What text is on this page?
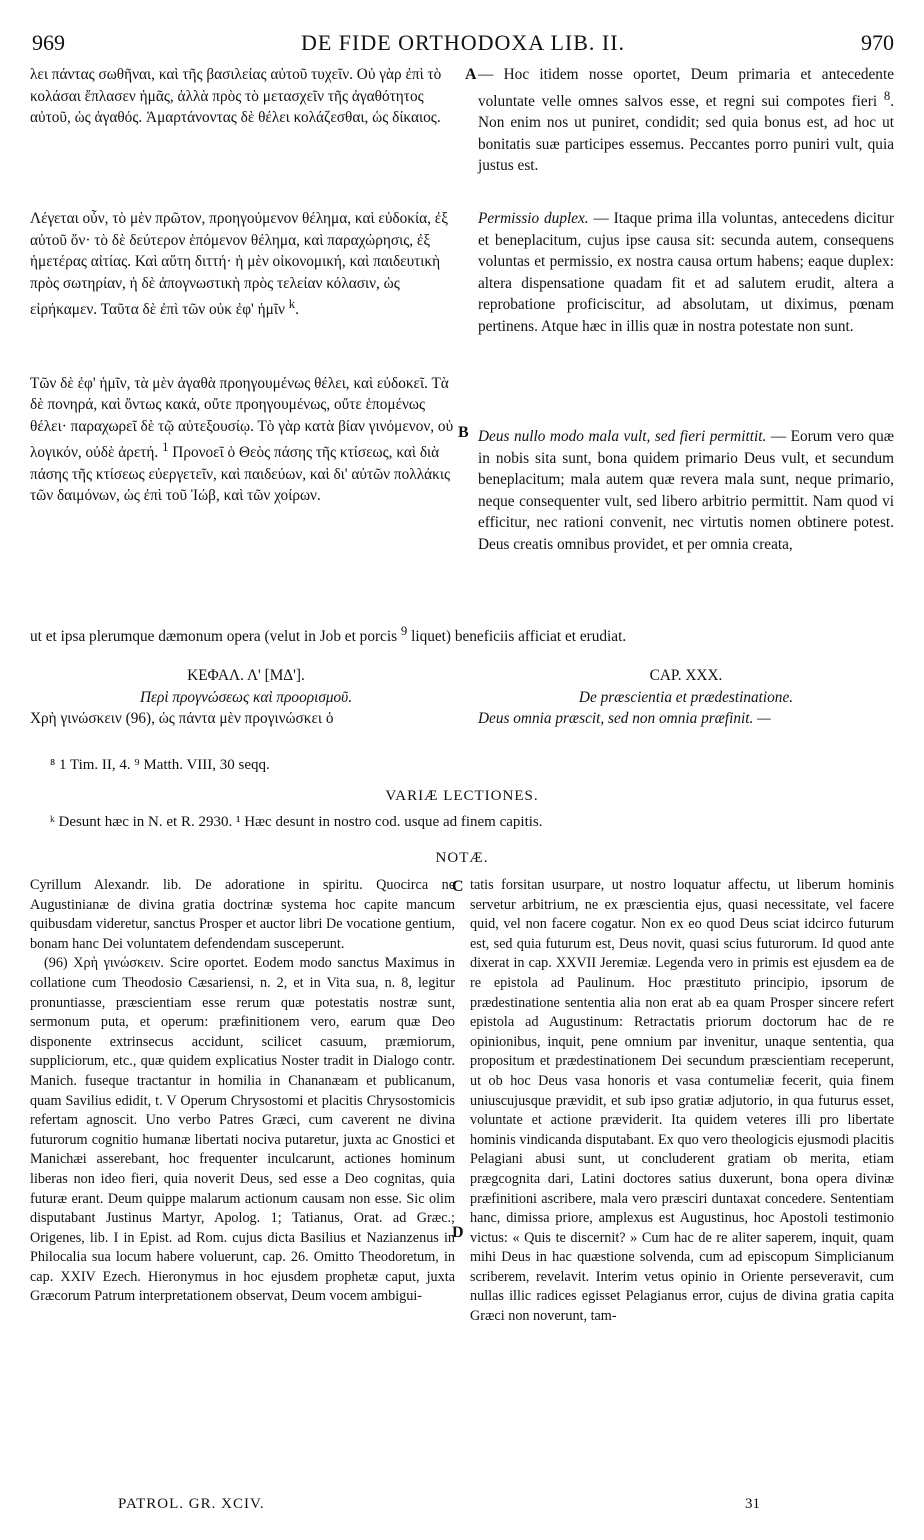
969	DE FIDE ORTHODOXA LIB. II.	970

λει πάντας σωθῆναι, καὶ τῆς βασιλείας αὐτοῦ τυχεῖν. Οὐ γὰρ ἐπὶ τὸ κολάσαι ἔπλασεν ἡμᾶς, ἀλλὰ πρὸς τὸ μετασχεῖν τῆς ἀγαθότητος αὐτοῦ, ὡς ἀγαθός. Ἁμαρτάνοντας δὲ θέλει κολάζεσθαι, ὡς δίκαιος.

Λέγεται οὖν, τὸ μὲν πρῶτον, προηγούμενον θέλημα, καὶ εὐδοκία, ἐξ αὐτοῦ ὄν· τὸ δὲ δεύτερον ἑπόμενον θέλημα, καὶ παραχώρησις, ἐξ ἡμετέρας αἰτίας. Καὶ αὕτη διττή· ἡ μὲν οἰκονομική, καὶ παιδευτικὴ πρὸς σωτηρίαν, ἡ δὲ ἀπογνωστικὴ πρὸς τελείαν κόλασιν, ὡς εἰρήκαμεν. Ταῦτα δὲ ἐπὶ τῶν οὐκ ἐφ' ἡμῖν $^k$.

Τῶν δὲ ἐφ' ἡμῖν, τὰ μὲν ἀγαθὰ προηγουμένως θέλει, καὶ εὐδοκεῖ. Τὰ δὲ πονηρά, καὶ ὄντως κακά, οὔτε προηγουμένως, οὔτε ἑπομένως θέλει· παραχωρεῖ δὲ τῷ αὐτεξουσίῳ. Τὸ γὰρ κατὰ βίαν γινόμενον, οὐ λογικόν, οὐδὲ ἀρετή. $^1$ Προνοεῖ ὁ Θεὸς πάσης τῆς κτίσεως, καὶ διὰ πάσης τῆς κτίσεως εὐεργετεῖν, καὶ παιδεύων, καὶ δι' αὐτῶν πολλάκις τῶν δαιμόνων, ὡς ἐπὶ τοῦ Ἰώβ, καὶ τῶν χοίρων.

— Hoc itidem nosse oportet, Deum primaria et antecedente voluntate velle omnes salvos esse, et regni sui compotes fieri $^8$. Non enim nos ut puniret, condidit; sed quia bonus est, ad hoc ut bonitatis suæ participes essemus. Peccantes porro puniri vult, quia justus est.

Permissio duplex. — Itaque prima illa voluntas, antecedens dicitur et beneplacitum, cujus ipse causa sit: secunda autem, consequens voluntas et permissio, ex nostra causa ortum habens; eaque duplex: altera dispensatione quadam fit et ad salutem erudit, altera a reprobatione proficiscitur, ad absolutam, ut diximus, pœnam pertinens. Atque hæc in illis quæ in nostra potestate non sunt.

Deus nullo modo mala vult, sed fieri permittit. — Eorum vero quæ in nobis sita sunt, bona quidem primario Deus vult, et secundum beneplacitum; mala autem quæ revera mala sunt, neque primario, neque consequenter vult, sed libero arbitrio permittit. Nam quod vi efficitur, nec rationi convenit, nec virtutis nomen obtinere potest. Deus creatis omnibus providet, et per omnia creata,

A
B
ut et ipsa plerumque dæmonum opera (velut in Job et porcis $^9$ liquet) beneficiis afficiat et erudiat.
ΚΕΦΑΛ. Λ' [ΜΔ'].
Περὶ προγνώσεως καὶ προορισμοῦ.
Χρὴ γινώσκειν (96), ὡς πάντα μὲν προγινώσκει ὁ
CAP. XXX.
De præscientia et prædestinatione.
Deus omnia præscit, sed non omnia præfinit. —
⁸ 1 Tim. II, 4. ⁹ Matth. VIII, 30 seqq.
VARIÆ LECTIONES.
ᵏ Desunt hæc in N. et R. 2930. ¹ Hæc desunt in nostro cod. usque ad finem capitis.
NOTÆ.

Cyrillum Alexandr. lib. De adoratione in spiritu. Quocirca ne Augustinianæ de divina gratia doctrinæ systema hoc capite mancum quibusdam videretur, sanctus Prosper et auctor libri De vocatione gentium, bonam hanc Dei voluntatem defendendam susceperunt.

(96) Χρὴ γινώσκειν. Scire oportet. Eodem modo sanctus Maximus in collatione cum Theodosio Cæsariensi, n. 2, et in Vita sua, n. 8, legitur pronuntiasse, præscientiam esse rerum quæ potestatis nostræ sunt, sermonum puta, et operum: præfinitionem vero, earum quæ Deo disponente extrinsecus accidunt, scilicet casuum, præmiorum, suppliciorum, etc., quæ quidem explicatius Noster tradit in Dialogo contr. Manich. fuseque tractantur in homilia in Chananæam et publicanum, quam Savilius edidit, t. V Operum Chrysostomi et placitis Chrysostomicis refertam agnoscit. Uno verbo Patres Græci, cum caverent ne divina futurorum cognitio humanæ libertati nociva putaretur, juxta ac Gnostici et Manichæi asserebant, hoc frequenter inculcarunt, actiones hominum liberas non ideo fieri, quia noverit Deus, sed esse a Deo cognitas, quia futuræ erant. Deum quippe malarum actionum causam non esse. Sic olim disputabant Justinus Martyr, Apolog. 1; Tatianus, Orat. ad Græc.; Origenes, lib. I in Epist. ad Rom. cujus dicta Basilius et Nazianzenus in Philocalia sua locum habere voluerunt, cap. 26. Omitto Theodoretum, in cap. XXIV Ezech. Hieronymus in hoc ejusdem prophetæ caput, juxta Græcorum Patrum interpretationem observat, Deum vocem ambigui-

C
D
tatis forsitan usurpare, ut nostro loquatur affectu, ut liberum hominis servetur arbitrium, ne ex præscientia ejus, quasi necessitate, vel facere quid, vel non facere cogatur. Non ex eo quod Deus sciat idcirco futurum est, sed quia futurum est, Deus novit, quasi scius futurorum. Id quod ante dixerat in cap. XXVII Jeremiæ. Legenda vero in primis est ejusdem ea de re epistola ad Paulinum. Hoc præstituto principio, ipsorum de prædestinatione sententia alia non erat ab ea quam Prosper sincere refert epistola ad Augustinum: Retractatis priorum doctorum hac de re opinionibus, inquit, pene omnium par invenitur, unaque sententia, qua propositum et prædestinationem Dei secundum præscientiam receperunt, ut ob hoc Deus vasa honoris et vasa contumeliæ fecerit, quia finem uniuscujusque prævidit, et sub ipso gratiæ adjutorio, in qua futurus esset, voluntate et actione præviderit. Ita quidem veteres illi pro libertate hominis vindicanda disputabant. Ex quo vero theologicis ejusmodi placitis Pelagiani abusi sunt, ut concluderent gratiam ob merita, etiam prægcognita dari, Latini doctores satius duxerunt, bona opera divinæ præfinitioni ascribere, mala vero præsciri duntaxat concedere. Sententiam hanc, dimissa priore, amplexus est Augustinus, hoc Apostoli testimonio victus: « Quis te discernit? » Cum hac de re aliter saperem, inquit, quam mihi Deus in hac quæstione solvenda, cum ad episcopum Simplicianum scriberem, revelavit. Interim vetus opinio in Oriente perseveravit, cum nullas illic radices egisset Pelagianus error, cujus de divina gratia capita Græci non noverunt, tam-
PATROL. GR. XCIV.	31
